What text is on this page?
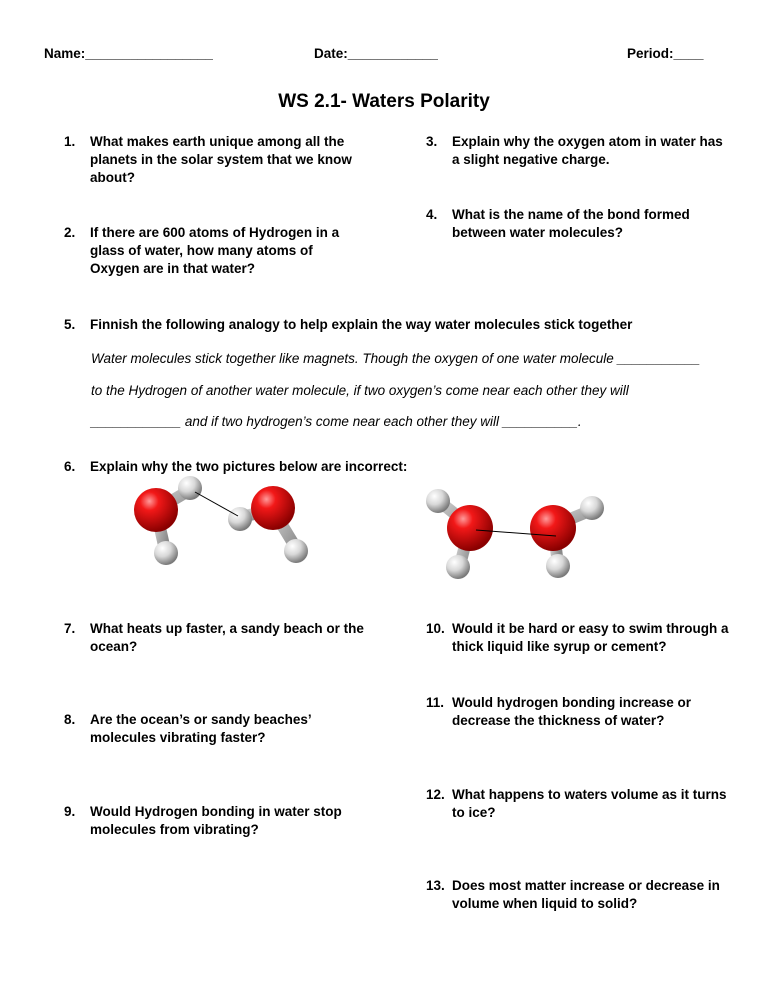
Name:_________________	Date:____________	Period:____
WS 2.1- Waters Polarity
1. What makes earth unique among all the planets in the solar system that we know about?
2. If there are 600 atoms of Hydrogen in a glass of water, how many atoms of Oxygen are in that water?
3. Explain why the oxygen atom in water has a slight negative charge.
4. What is the name of the bond formed between water molecules?
5. Finnish the following analogy to help explain the way water molecules stick together
Water molecules stick together like magnets. Though the oxygen of one water molecule ___________
to the Hydrogen of another water molecule, if two oxygen’s come near each other they will
____________ and if two hydrogen’s come near each other they will __________.
6. Explain why the two pictures below are incorrect:
7. What heats up faster, a sandy beach or the ocean?
8. Are the ocean’s or sandy beaches’ molecules vibrating faster?
9. Would Hydrogen bonding in water stop molecules from vibrating?
10. Would it be hard or easy to swim through a thick liquid like syrup or cement?
11. Would hydrogen bonding increase or decrease the thickness of water?
12. What happens to waters volume as it turns to ice?
13. Does most matter increase or decrease in volume when liquid to solid?
